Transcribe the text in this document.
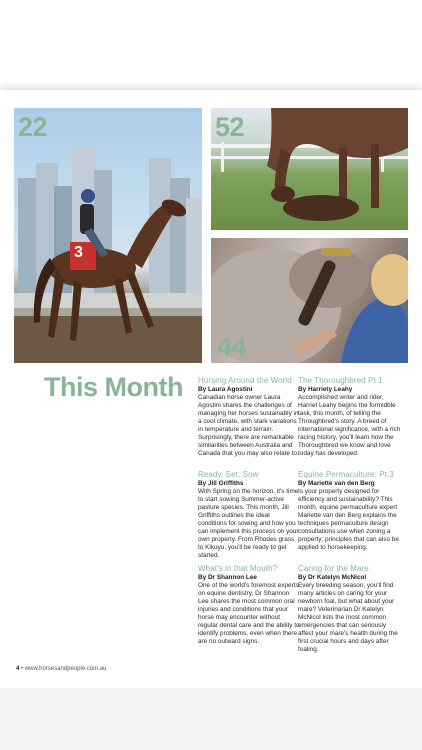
22
3
52
44
This Month Horsing Around the World
By Laura Agostini

Canadian horse owner Laura Agostini shares the challenges of managing her horses sustainably in a cool climate, with stark variations in temperature and terrain. Surprisingly, there are remarkable similarities between Australia and Canada that you may also relate to.

Ready, Set, Sow
By Jill Griffiths

With Spring on the horizon, it's time to start sowing Summer-active pasture species. This month, Jill Griffiths outlines the ideal conditions for sowing and how you can implement this process on your own property. From Rhodes grass to Kikuyu, you'll be ready to get started.

What's in that Mouth?
By Dr Shannon Lee

One of the world's foremost experts on equine dentistry, Dr Shannon Lee shares the most common oral injuries and conditions that your horse may encounter without regular dental care and the ability to identify problems, even when there are no outward signs.

The Thoroughbred Pt 1
By Harriety Leahy

Accomplished writer and rider, Harriet Leahy begins the formidble task, this month, of telling the Throughbred's story. A breed of international significance, with a rich racing history, you'll learn how the Thoroughbred we know and love today has developed.

Equine Permaculture: Pt 3
By Mariette van den Berg

Is your property designed for efficiency and sustainability? This month, equine permaculture expert Mariette van den Berg explains the techniques permaculture design consultations use when zoning a property; principles that can also be applied to horsekeeping.

Caring for the Mare
By Dr Katelyn McNicol

Every breeding season, you'll find many articles on caring for your newborn foal, but what about your mare? Veterinarian Dr Katelyn McNicol lists the most common emergencies that can seriously affect your mare's health during the first crucial hours and days after foaling.

4 • www.horsesandpeople.com.au
